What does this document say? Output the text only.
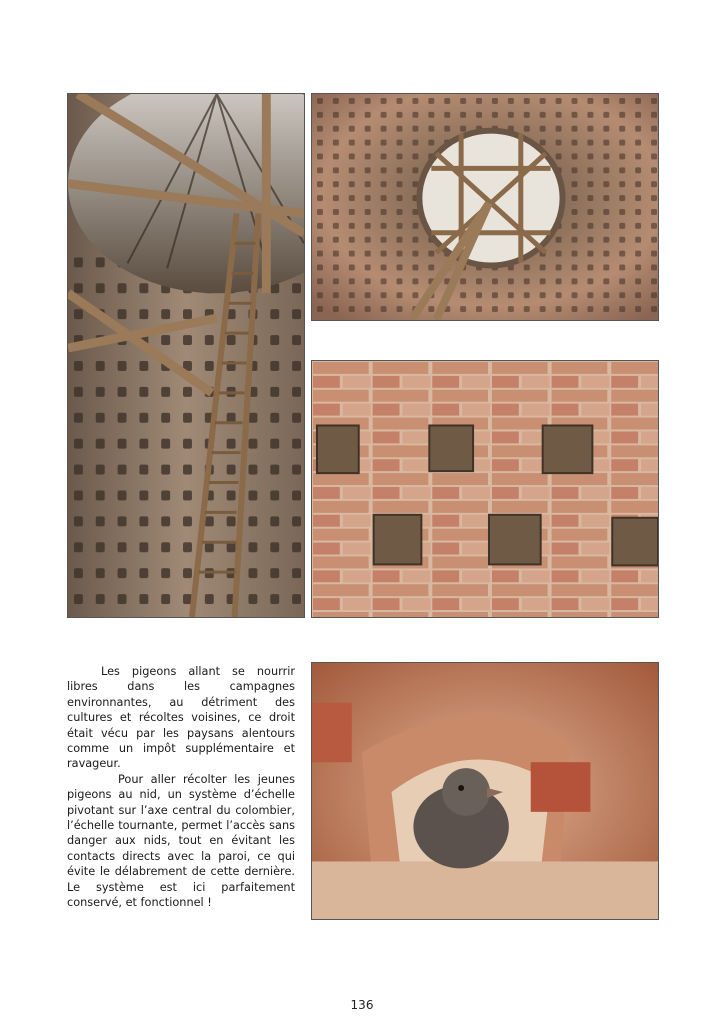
Les pigeons allant se nourrir libres dans les campagnes environnantes, au détriment des cultures et récoltes voisines, ce droit était vécu par les paysans alentours comme un impôt supplémentaire et ravageur.

Pour aller récolter les jeunes pigeons au nid, un système d’échelle pivotant sur l’axe central du colombier, l’échelle tournante, permet l’accès sans danger aux nids, tout en évitant les contacts directs avec la paroi, ce qui évite le délabrement de cette dernière. Le système est ici parfaitement conservé, et fonctionnel !

136
